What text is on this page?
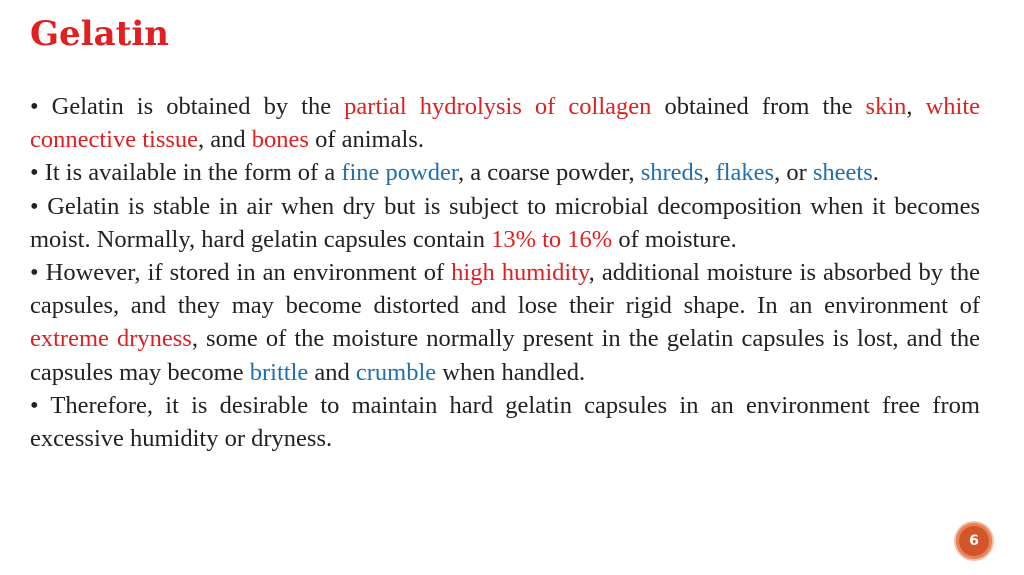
Gelatin

• Gelatin is obtained by the partial hydrolysis of collagen obtained from the skin, white connective tissue, and bones of animals.

• It is available in the form of a fine powder, a coarse powder, shreds, flakes, or sheets.

• Gelatin is stable in air when dry but is subject to microbial decomposition when it becomes moist. Normally, hard gelatin capsules contain 13% to 16% of moisture.

• However, if stored in an environment of high humidity, additional moisture is absorbed by the capsules, and they may become distorted and lose their rigid shape. In an environment of extreme dryness, some of the moisture normally present in the gelatin capsules is lost, and the capsules may become brittle and crumble when handled.

• Therefore, it is desirable to maintain hard gelatin capsules in an environment free from excessive humidity or dryness.

6
